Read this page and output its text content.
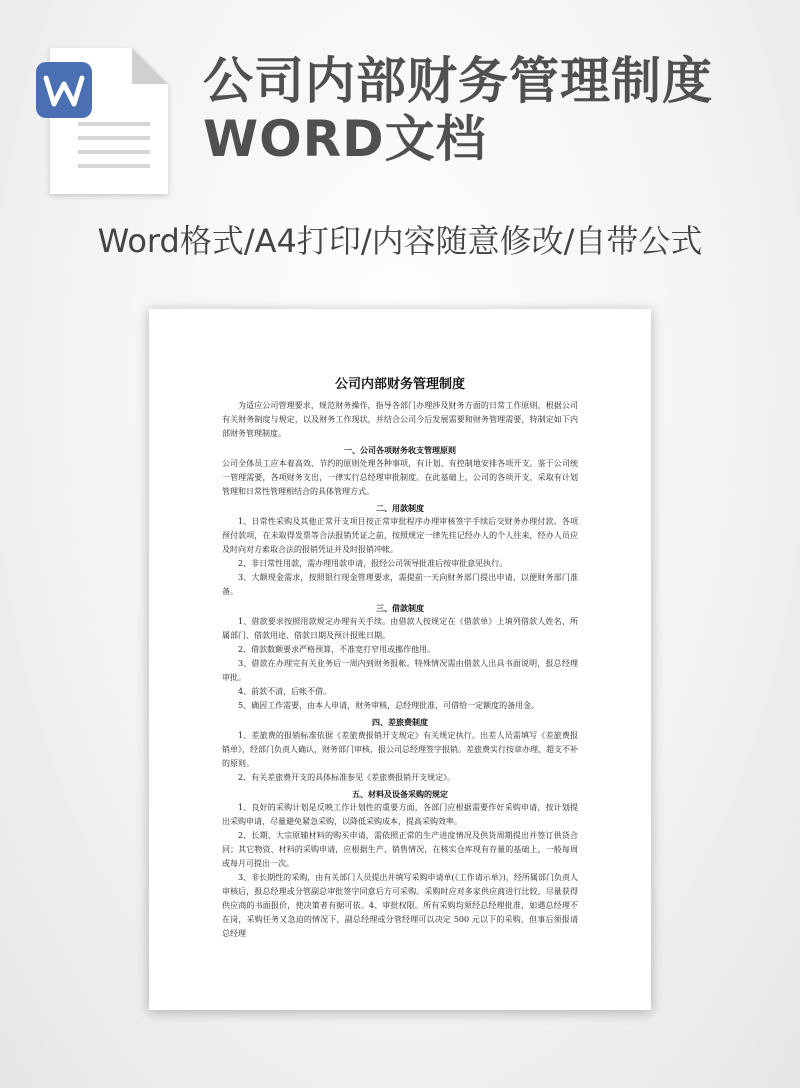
公司内部财务管理制度
WORD文档
Word格式/A4打印/内容随意修改/自带公式
公司内部财务管理制度
为适应公司管理要求，规范财务操作，指导各部门办理涉及财务方面的日常工作原则，根据公司有关财务制度与规定，以及财务工作现状，并结合公司今后发展需要和财务管理需要，特制定如下内部财务管理制度。
一、公司各项财务收支管理原则
公司全体员工应本着高效、节约的原则处理各种事项，有计划、有控制地安排各项开支。鉴于公司统一管理需要，各项财务支出，一律实行总经理审批制度。在此基础上，公司的各项开支，采取有计划管理和日常性管理相结合的具体管理方式。
二、用款制度
1、日常性采购及其他正常开支项目按正常审批程序办理审核签字手续后交财务办理付款。各项预付款项，在未取得发票等合法报销凭证之前，按照规定一律先挂记经办人的个人往来，经办人员应及时向对方索取合法的报销凭证并及时报销冲帐。
2、非日常性用款，需办理用款申请，报经公司领导批准后按审批意见执行。
3、大额现金需求，按照银行现金管理要求，需提前一天向财务部门提出申请，以便财务部门准备。
三、借款制度
1、借款要求按照用款规定办理有关手续。由借款人按规定在《借款单》上填列借款人姓名、所属部门、借款用途、借款日期及预计报账日期。
2、借款数额要求严格预算，不准宽打窄用或挪作他用。
3、借款在办理完有关业务后一周内到财务报帐。特殊情况需由借款人出具书面说明，报总经理审批。
4、前款不清，后帐不借。
5、确因工作需要，由本人申请，财务审核，总经理批准，可借给一定额度的备用金。
四、差旅费制度
1、差旅费的报销标准依据《差旅费报销开支规定》有关规定执行。出差人员需填写《差旅费报销单》，经部门负责人确认，财务部门审核，报公司总经理签字报销。差旅费实行按章办理、超支不补的原则。
2、有关差旅费开支的具体标准参见《差旅费报销开支规定》。
五、材料及设备采购的规定
1、良好的采购计划是反映工作计划性的重要方面，各部门应根据需要作好采购申请，按计划提出采购申请，尽量避免紧急采购，以降低采购成本，提高采购效率。
2、长期、大宗原辅材料的购买申请，需依照正常的生产进度情况及供货周期提出并签订供货合同；其它物资、材料的采购申请，应根据生产、销售情况，在核实仓库现有存量的基础上，一般每周或每月可提出一次。
3、非长期性的采购，由有关部门人员提出并填写采购申请单(《工作请示单》)，经所属部门负责人审核后，报总经理或分管副总审批签字同意后方可采购。采购时应对多家供应商进行比较，尽量获得供应商的书面报价，使决策者有据可依。4、审批权限。所有采购均须经总经理批准，如遇总经理不在岗，采购任务又急迫的情况下，副总经理或分管经理可以决定 500 元以下的采购，但事后须报请总经理
